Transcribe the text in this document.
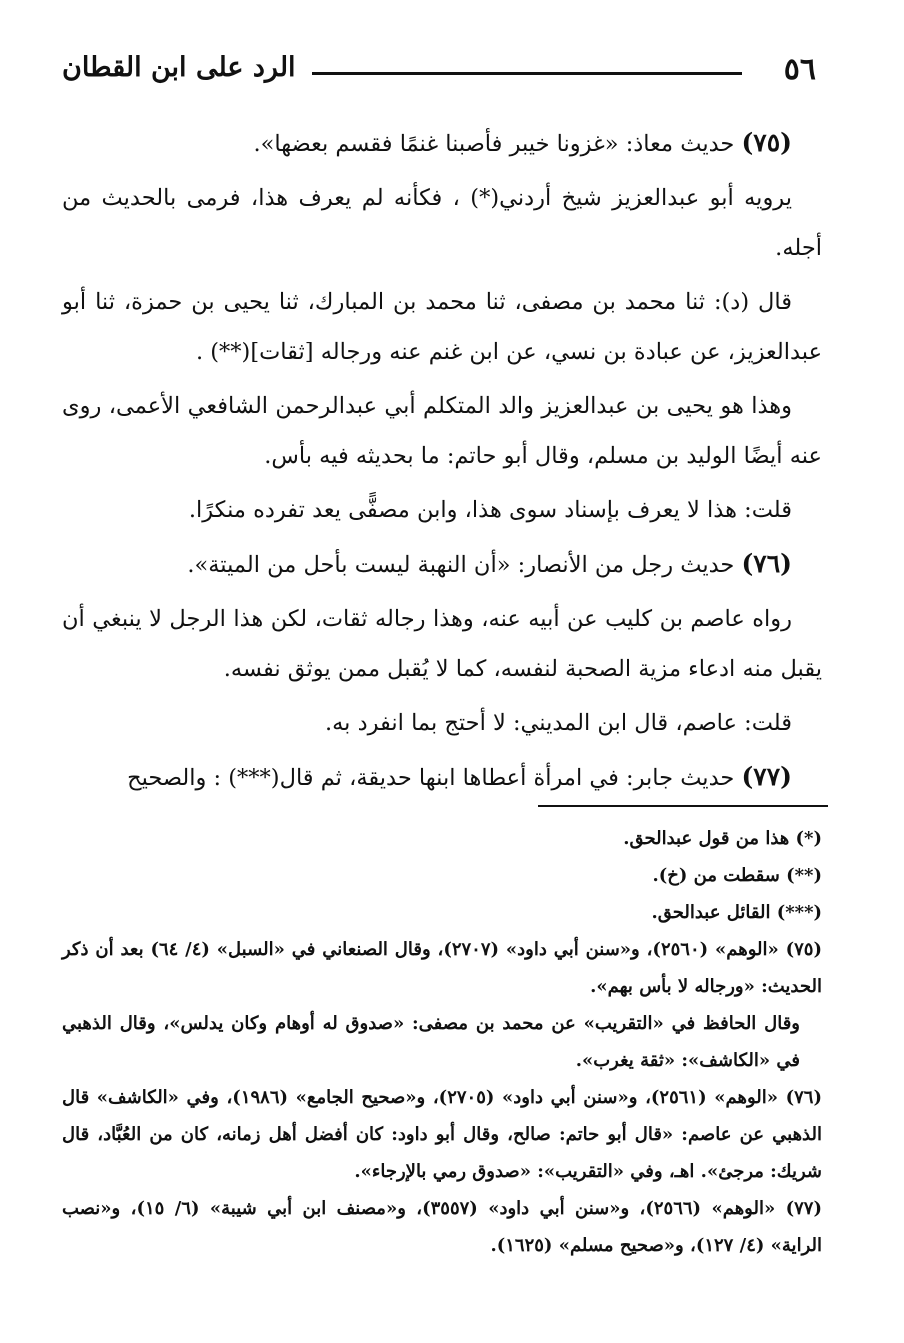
٥٦
الرد على ابن القطان

(٧٥) حديث معاذ: «غزونا خيبر فأصبنا غنمًا فقسم بعضها».

يرويه أبو عبدالعزيز شيخ أردني(*) ، فكأنه لم يعرف هذا، فرمى بالحديث من أجله.

قال (د): ثنا محمد بن مصفى، ثنا محمد بن المبارك، ثنا يحيى بن حمزة، ثنا أبو عبدالعزيز، عن عبادة بن نسي، عن ابن غنم عنه ورجاله [ثقات](**) .

وهذا هو يحيى بن عبدالعزيز والد المتكلم أبي عبدالرحمن الشافعي الأعمى، روى عنه أيضًا الوليد بن مسلم، وقال أبو حاتم: ما بحديثه فيه بأس.

قلت: هذا لا يعرف بإسناد سوى هذا، وابن مصفًّى يعد تفرده منكرًا.

(٧٦) حديث رجل من الأنصار: «أن النهبة ليست بأحل من الميتة».

رواه عاصم بن كليب عن أبيه عنه، وهذا رجاله ثقات، لكن هذا الرجل لا ينبغي أن يقبل منه ادعاء مزية الصحبة لنفسه، كما لا يُقبل ممن يوثق نفسه.

قلت: عاصم، قال ابن المديني: لا أحتج بما انفرد به.

(٧٧) حديث جابر: في امرأة أعطاها ابنها حديقة، ثم قال(***) : والصحيح

(*) هذا من قول عبدالحق.

(**) سقطت من (خ).

(***) القائل عبدالحق.

(٧٥) «الوهم» (٢٥٦٠)، و«سنن أبي داود» (٢٧٠٧)، وقال الصنعاني في «السبل» (٤/ ٦٤) بعد أن ذكر الحديث: «ورجاله لا بأس بهم».

وقال الحافظ في «التقريب» عن محمد بن مصفى: «صدوق له أوهام وكان يدلس»، وقال الذهبي في «الكاشف»: «ثقة يغرب».

(٧٦) «الوهم» (٢٥٦١)، و«سنن أبي داود» (٢٧٠٥)، و«صحيح الجامع» (١٩٨٦)، وفي «الكاشف» قال الذهبي عن عاصم: «قال أبو حاتم: صالح، وقال أبو داود: كان أفضل أهل زمانه، كان من العُبَّاد، قال شريك: مرجئ». اهـ، وفي «التقريب»: «صدوق رمي بالإرجاء».

(٧٧) «الوهم» (٢٥٦٦)، و«سنن أبي داود» (٣٥٥٧)، و«مصنف ابن أبي شيبة» (٦/ ١٥)، و«نصب الراية» (٤/ ١٢٧)، و«صحيح مسلم» (١٦٢٥).
